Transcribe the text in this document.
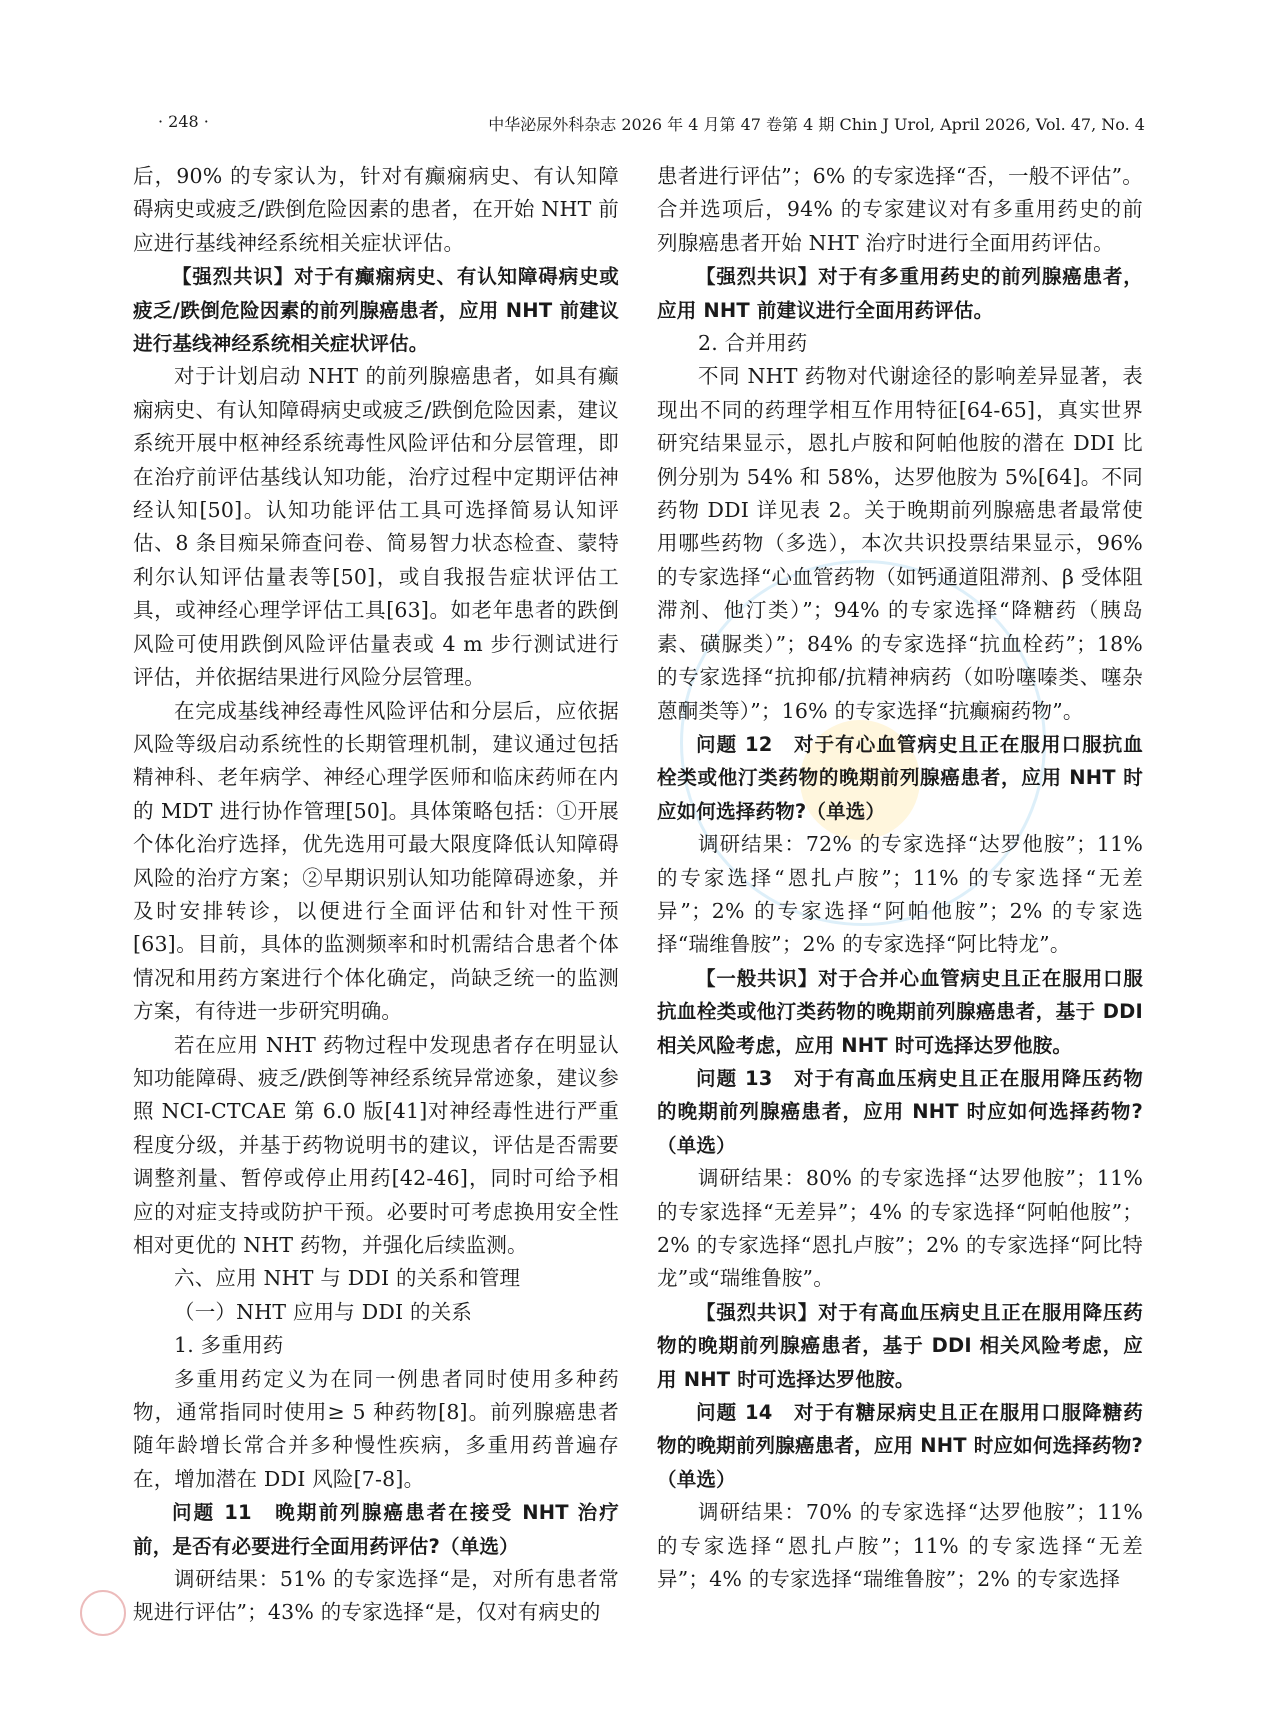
· 248 ·	中华泌尿外科杂志 2026 年 4 月第 47 卷第 4 期 Chin J Urol, April 2026, Vol. 47, No. 4

后，90% 的专家认为，针对有癫痫病史、有认知障碍病史或疲乏/跌倒危险因素的患者，在开始 NHT 前应进行基线神经系统相关症状评估。

【强烈共识】对于有癫痫病史、有认知障碍病史或疲乏/跌倒危险因素的前列腺癌患者，应用 NHT 前建议进行基线神经系统相关症状评估。

对于计划启动 NHT 的前列腺癌患者，如具有癫痫病史、有认知障碍病史或疲乏/跌倒危险因素，建议系统开展中枢神经系统毒性风险评估和分层管理，即在治疗前评估基线认知功能，治疗过程中定期评估神经认知[50]。认知功能评估工具可选择简易认知评估、8 条目痴呆筛查问卷、简易智力状态检查、蒙特利尔认知评估量表等[50]，或自我报告症状评估工具，或神经心理学评估工具[63]。如老年患者的跌倒风险可使用跌倒风险评估量表或 4 m 步行测试进行评估，并依据结果进行风险分层管理。

在完成基线神经毒性风险评估和分层后，应依据风险等级启动系统性的长期管理机制，建议通过包括精神科、老年病学、神经心理学医师和临床药师在内的 MDT 进行协作管理[50]。具体策略包括：①开展个体化治疗选择，优先选用可最大限度降低认知障碍风险的治疗方案；②早期识别认知功能障碍迹象，并及时安排转诊，以便进行全面评估和针对性干预[63]。目前，具体的监测频率和时机需结合患者个体情况和用药方案进行个体化确定，尚缺乏统一的监测方案，有待进一步研究明确。

若在应用 NHT 药物过程中发现患者存在明显认知功能障碍、疲乏/跌倒等神经系统异常迹象，建议参照 NCI-CTCAE 第 6.0 版[41]对神经毒性进行严重程度分级，并基于药物说明书的建议，评估是否需要调整剂量、暂停或停止用药[42-46]，同时可给予相应的对症支持或防护干预。必要时可考虑换用安全性相对更优的 NHT 药物，并强化后续监测。

六、应用 NHT 与 DDI 的关系和管理

（一）NHT 应用与 DDI 的关系

1. 多重用药

多重用药定义为在同一例患者同时使用多种药物，通常指同时使用≥ 5 种药物[8]。前列腺癌患者随年龄增长常合并多种慢性疾病，多重用药普遍存在，增加潜在 DDI 风险[7-8]。

问题 11　晚期前列腺癌患者在接受 NHT 治疗前，是否有必要进行全面用药评估?（单选）

调研结果：51% 的专家选择“是，对所有患者常规进行评估”；43% 的专家选择“是，仅对有病史的

患者进行评估”；6% 的专家选择“否，一般不评估”。合并选项后，94% 的专家建议对有多重用药史的前列腺癌患者开始 NHT 治疗时进行全面用药评估。

【强烈共识】对于有多重用药史的前列腺癌患者，应用 NHT 前建议进行全面用药评估。

2. 合并用药

不同 NHT 药物对代谢途径的影响差异显著，表现出不同的药理学相互作用特征[64-65]，真实世界研究结果显示，恩扎卢胺和阿帕他胺的潜在 DDI 比例分别为 54% 和 58%，达罗他胺为 5%[64]。不同药物 DDI 详见表 2。关于晚期前列腺癌患者最常使用哪些药物（多选），本次共识投票结果显示，96% 的专家选择“心血管药物（如钙通道阻滞剂、β 受体阻滞剂、他汀类）”；94% 的专家选择“降糖药（胰岛素、磺脲类）”；84% 的专家选择“抗血栓药”；18% 的专家选择“抗抑郁/抗精神病药（如吩噻嗪类、噻杂蒽酮类等）”；16% 的专家选择“抗癫痫药物”。

问题 12　对于有心血管病史且正在服用口服抗血栓类或他汀类药物的晚期前列腺癌患者，应用 NHT 时应如何选择药物?（单选）

调研结果：72% 的专家选择“达罗他胺”；11% 的专家选择“恩扎卢胺”；11% 的专家选择“无差异”；2% 的专家选择“阿帕他胺”；2% 的专家选择“瑞维鲁胺”；2% 的专家选择“阿比特龙”。

【一般共识】对于合并心血管病史且正在服用口服抗血栓类或他汀类药物的晚期前列腺癌患者，基于 DDI 相关风险考虑，应用 NHT 时可选择达罗他胺。

问题 13　对于有高血压病史且正在服用降压药物的晚期前列腺癌患者，应用 NHT 时应如何选择药物?（单选）

调研结果：80% 的专家选择“达罗他胺”；11% 的专家选择“无差异”；4% 的专家选择“阿帕他胺”；2% 的专家选择“恩扎卢胺”；2% 的专家选择“阿比特龙”或“瑞维鲁胺”。

【强烈共识】对于有高血压病史且正在服用降压药物的晚期前列腺癌患者，基于 DDI 相关风险考虑，应用 NHT 时可选择达罗他胺。

问题 14　对于有糖尿病史且正在服用口服降糖药物的晚期前列腺癌患者，应用 NHT 时应如何选择药物?（单选）

调研结果：70% 的专家选择“达罗他胺”；11% 的专家选择“恩扎卢胺”；11% 的专家选择“无差异”；4% 的专家选择“瑞维鲁胺”；2% 的专家选择
